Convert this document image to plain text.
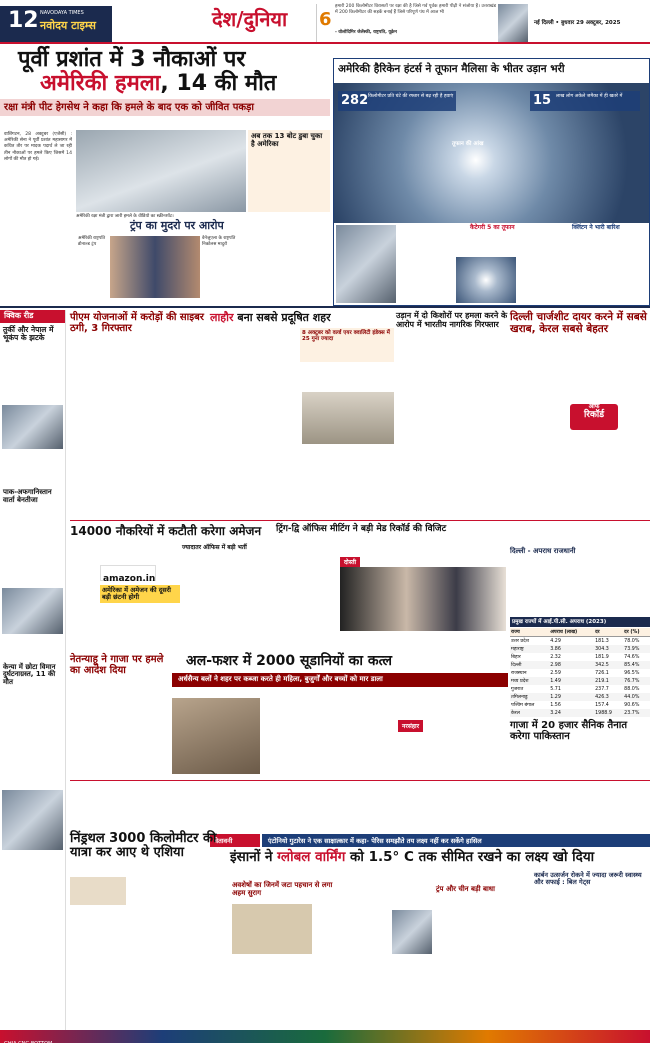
12 नवोदय टाइम्स
NAVODAYA TIMES	देश/दुनिया 6
हमारी 200 किलोमीटर विरासतों पर रक्षा की है जिसे गर्व पूर्वक हमारी पीढ़ी ने संजोया है। उत्तराखंड में 200 किलोमीटर की सड़कें बनाई हैं जिसे परिपूर्ण पंथ में आज भी
- वोलोदिमिर जेलेंस्की, राष्ट्रपति, यूक्रेन
नई दिल्ली • बुधवार 29 अक्टूबर, 2025
पूर्वी प्रशांत में 3 नौकाओं पर
अमेरिकी हमला, 14 की मौत
रक्षा मंत्री पीट हेगसेथ ने कहा कि हमले के बाद एक को जीवित पकड़ा
वाशिंगटन, 28 अक्टूबर (एजेंसी) : अमेरिकी सेना ने पूर्वी प्रशांत महासागर में कथित तौर पर मादक पदार्थ ले जा रही तीन नौकाओं पर हमले किए जिसमें 14 लोगों की मौत हो गई।
अमेरिकी रक्षा मंत्री द्वारा जारी हमले के वीडियो का स्क्रीनशॉट।
अब तक 13 बोट डुबा चुका है अमेरिका
ट्रंप का मुदरो पर आरोप
अमेरिकी राष्ट्रपति डोनाल्ड ट्रंप
वेनेजुएला के राष्ट्रपति निकोलस मादुरो
अमेरिकी हैरिकेन हंटर्स ने तूफान मैलिसा के भीतर उड़ान भरी
282 किलोमीटर प्रति घंटे की रफ्तार से बढ़ रही है हवाएं	15 लाख लोग अकेले जमैका में ही खतरे में
तूफान की आंख
कैटेगरी 5 का तूफान	क्लिंटन ने भारी बारिश
क्विक रीड
तुर्की और नेपाल में भूकंप के झटके
पाक-अफगानिस्तान वार्ता बेनतीजा
केन्या में छोटा विमान दुर्घटनाग्रस्त, 11 की मौत
पीएम योजनाओं में करोड़ों की साइबर ठगी, 3 गिरफ्तार
लाहौर बना सबसे प्रदूषित शहर
8 अक्टूबर को वर्ल्ड एयर क्वालिटी इंडेक्स में 25 गुना ज्यादा
उड़ान में दो किशोरों पर हमला करने के आरोप में भारतीय नागरिक गिरफ्तार
दिल्ली चार्जशीट दायर करने में सबसे खराब, केरल सबसे बेहतर
ऑफ
रिकॉर्ड
दिल्ली - अपराध राजधानी
प्रमुख राज्यों में आई.पी.सी. अपराध (2023)
राज्य	अपराध (लाख)	दर	दर (%)
उत्तर प्रदेश	4.29	181.3	78.0%
महाराष्ट्र	3.86	304.3	73.9%
बिहार	2.32	181.9	74.6%
दिल्ली	2.98	342.5	85.4%
राजस्थान	2.59	726.1	96.5%
मध्य प्रदेश	1.49	219.1	76.7%
गुजरात	5.71	237.7	88.0%
तमिलनाडु	1.29	426.3	44.0%
पश्चिम बंगाल	1.56	157.4	90.6%
केरल	3.24	1988.9	23.7%
14000 नौकरियों में कटौती करेगा अमेजन
amazon.in
अमेरिका में अमेजन की दूसरी बड़ी छंटनी होगी
ज्यादातर ऑफिस में बड़ी भर्ती
ट्रिंग-द्वि ऑफिस मीटिंग ने बड़ी मेड रिकॉर्ड की विजिट
दोस्ती
नेतन्याहू ने गाजा पर हमले का आदेश दिया
अल-फशर में 2000 सूडानियों का कत्ल
अर्धसैन्य बलों ने शहर पर कब्जा करते ही महिला, बुजुर्गों और बच्चों को मार डाला
नरसंहार	गाजा में 20 हजार सैनिक तैनात करेगा पाकिस्तान
चेतावनी	एंटोनियो गुटारेस ने एक साक्षात्कार में कहा- पेरिस समझौते तय लक्ष्य नहीं कर सकेंगे हासिल
इंसानों ने ग्लोबल वार्मिंग को 1.5° C तक सीमित रखने का लक्ष्य खो दिया
निंड्रथल 3000 किलोमीटर की यात्रा कर आए थे एशिया
अवशेषों का जिनमें जटा पहचान से लगा अहम सुराग	ट्रंप और चीन बड़ी बाधा
कार्बन उत्सर्जन रोकने में ज्यादा जरूरी स्वास्थ्य और सफाई : बिल गेट्स
GHIA CNG BOTTOM
